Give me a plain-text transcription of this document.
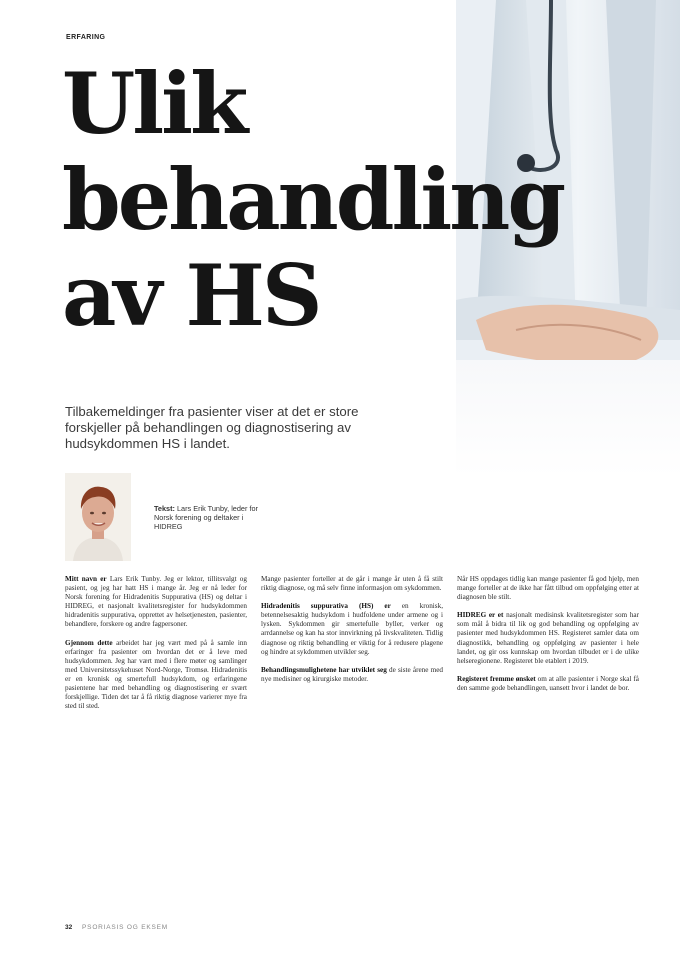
ERFARING
Ulik
behandling
av HS

Tilbakemeldinger fra pasienter viser at det er store forskjeller på behandlingen og diagnostisering av hudsykdommen HS i landet.

Tekst: Lars Erik Tunby, leder for Norsk forening og deltaker i HIDREG

Mitt navn er Lars Erik Tunby. Jeg er lektor, tillitsvalgt og pasient, og jeg har hatt HS i mange år. Jeg er nå leder for Norsk forening for Hidradenitis Suppurativa (HS) og deltar i HIDREG, et nasjonalt kvalitetsregister for hudsykdommen hidradenitis suppurativa, opprettet av helsetjenesten, pasienter, behandlere, forskere og andre fagpersoner.

Gjennom dette arbeidet har jeg vært med på å samle inn erfaringer fra pasienter om hvordan det er å leve med hudsykdommen. Jeg har vært med i flere møter og samlinger med Universitetssykehuset Nord-Norge, Tromsø. Hidradenitis er en kronisk og smertefull hudsykdom, og erfaringene pasientene har med behandling og diagnostisering er svært forskjellige. Tiden det tar å få riktig diagnose varierer mye fra sted til sted.

Mange pasienter forteller at de går i mange år uten å få stilt riktig diagnose, og må selv finne informasjon om sykdommen.

Hidradenitis suppurativa (HS) er en kronisk, betennelsesaktig hudsykdom i hudfoldene under armene og i lysken. Sykdommen gir smertefulle byller, verker og arrdannelse og kan ha stor innvirkning på livskvaliteten. Tidlig diagnose og riktig behandling er viktig for å redusere plagene og hindre at sykdommen utvikler seg.

Behandlingsmulighetene har utviklet seg de siste årene med nye medisiner og kirurgiske metoder.

Når HS oppdages tidlig kan mange pasienter få god hjelp, men mange forteller at de ikke har fått tilbud om oppfølging etter at diagnosen ble stilt.

HIDREG er et nasjonalt medisinsk kvalitetsregister som har som mål å bidra til lik og god behandling og oppfølging av pasienter med hudsykdommen HS. Registeret samler data om diagnostikk, behandling og oppfølging av pasienter i hele landet, og gir oss kunnskap om hvordan tilbudet er i de ulike helseregionene. Registeret ble etablert i 2019.

Registeret fremme ønsket om at alle pasienter i Norge skal få den samme gode behandlingen, uansett hvor i landet de bor.

32 PSORIASIS OG EKSEM
